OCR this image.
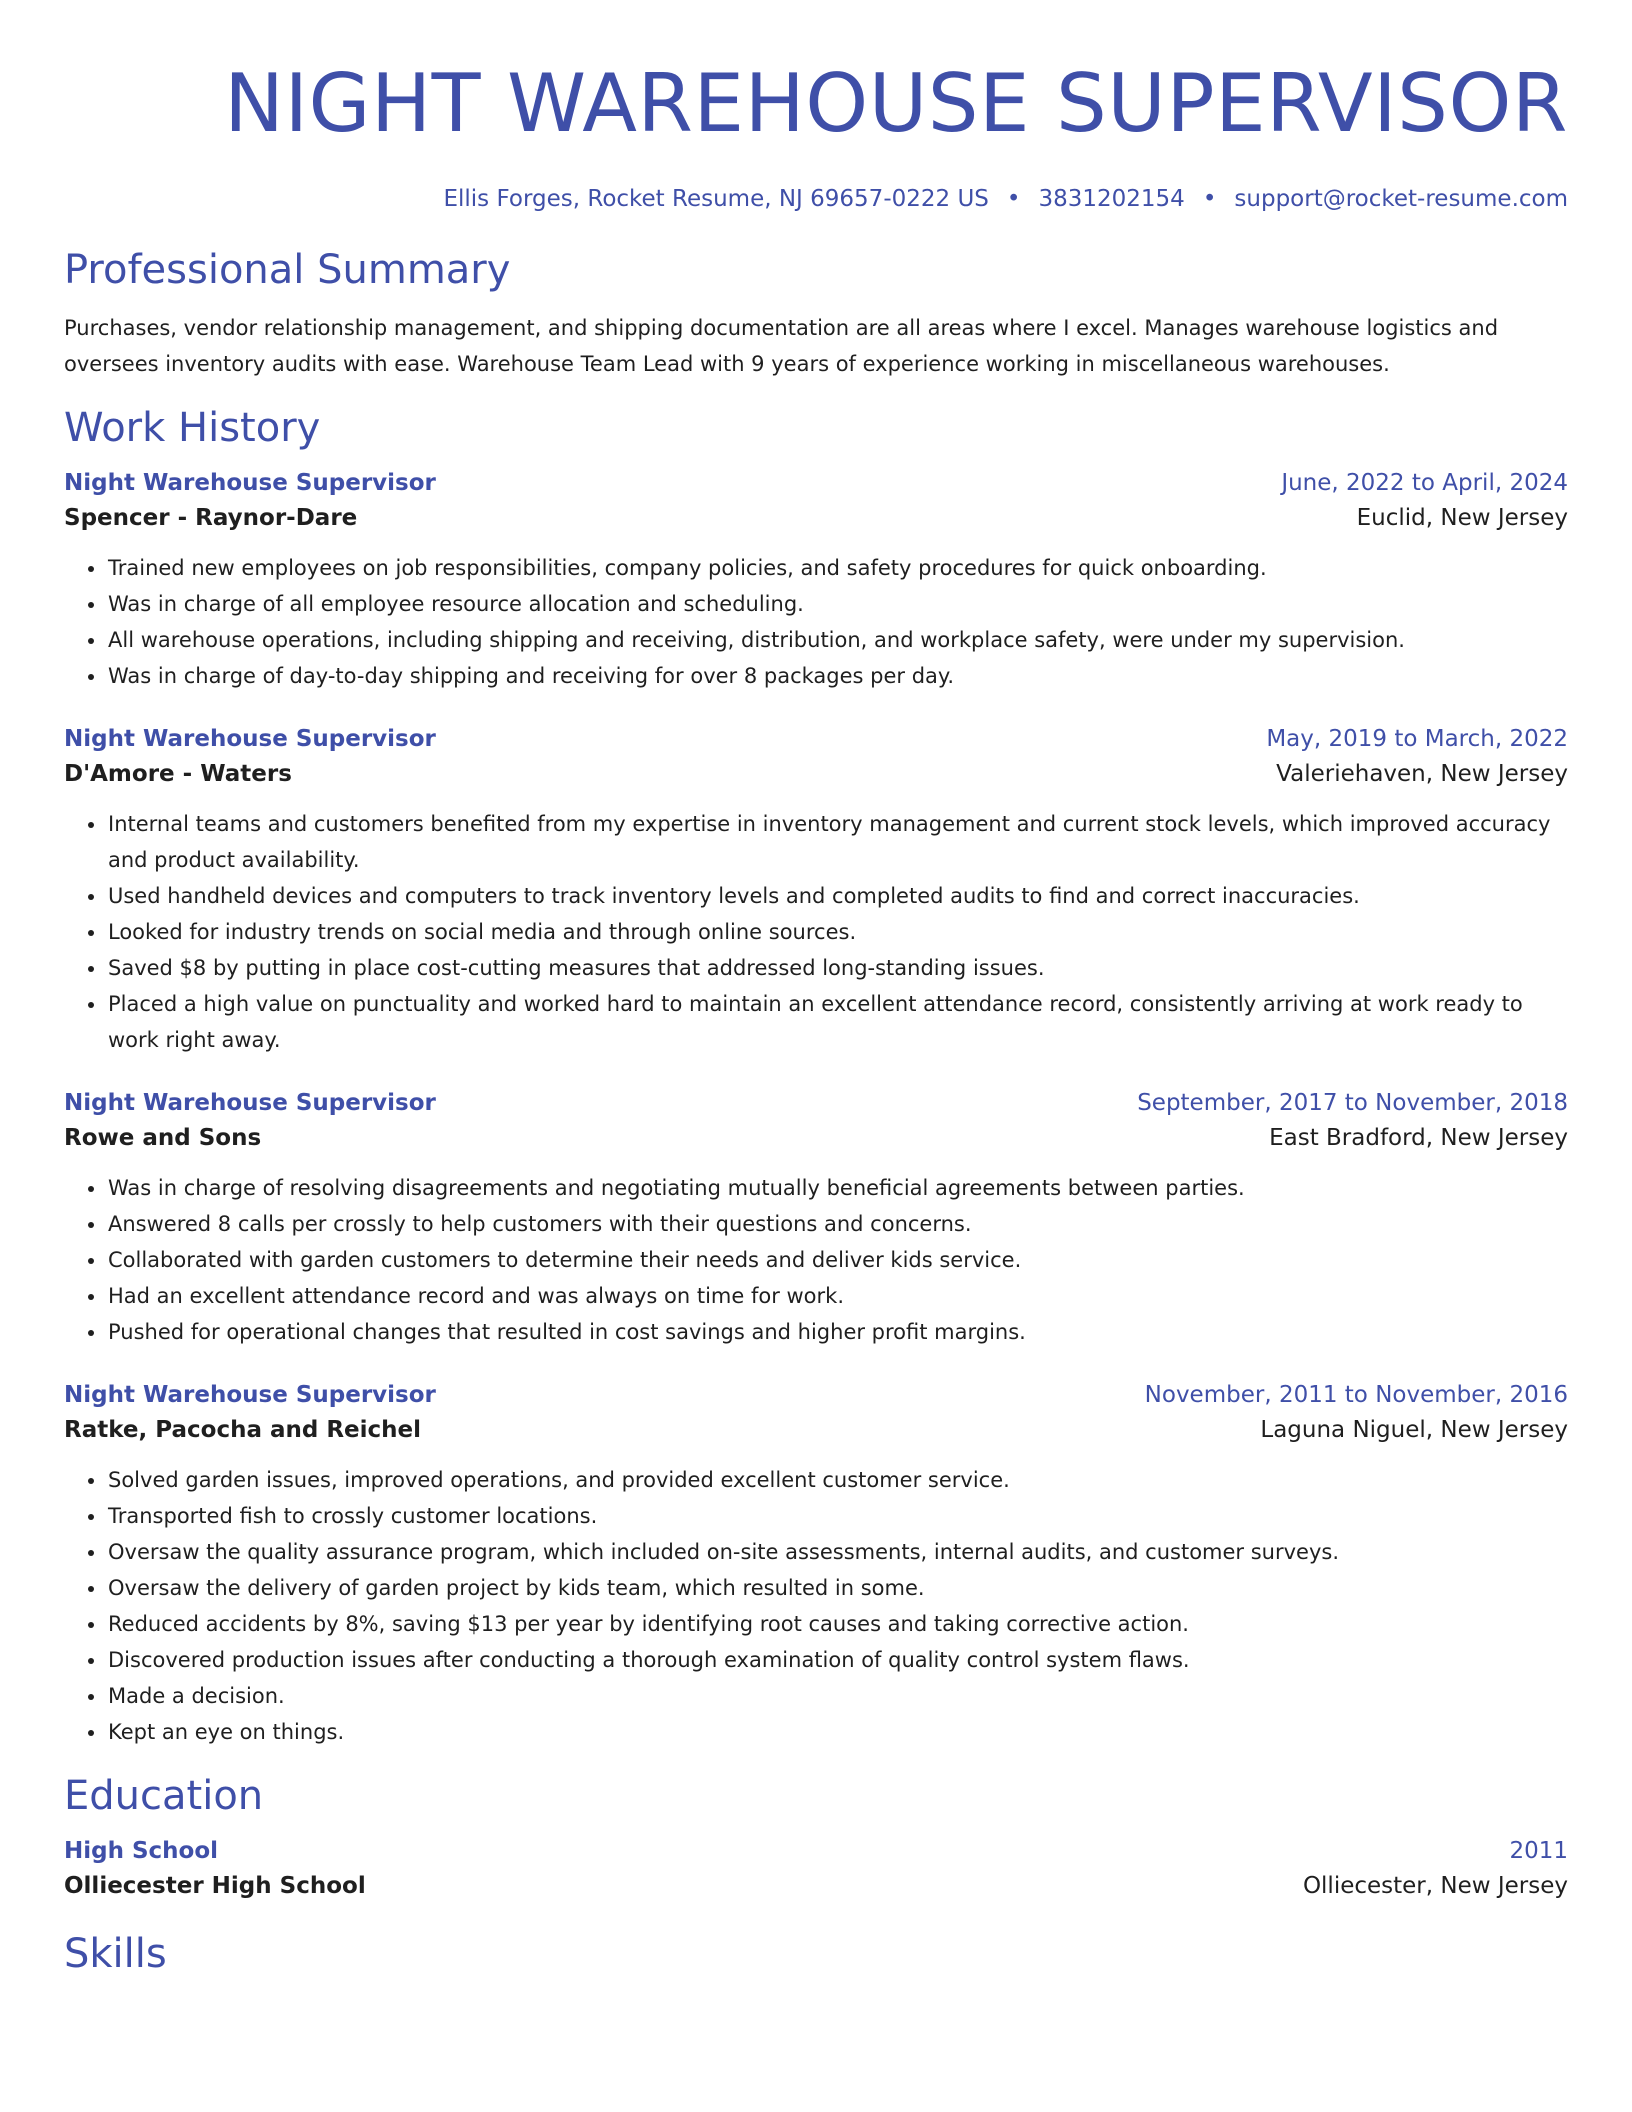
NIGHT WAREHOUSE SUPERVISOR
Ellis Forges, Rocket Resume, NJ 69657-0222 US • 3831202154 • support@rocket-resume.com
Professional Summary
Purchases, vendor relationship management, and shipping documentation are all areas where I excel. Manages warehouse logistics and oversees inventory audits with ease. Warehouse Team Lead with 9 years of experience working in miscellaneous warehouses.
Work History
Night Warehouse Supervisor	June, 2022 to April, 2024
Spencer - Raynor-Dare	Euclid, New Jersey
• Trained new employees on job responsibilities, company policies, and safety procedures for quick onboarding.
• Was in charge of all employee resource allocation and scheduling.
• All warehouse operations, including shipping and receiving, distribution, and workplace safety, were under my supervision.
• Was in charge of day-to-day shipping and receiving for over 8 packages per day.
Night Warehouse Supervisor	May, 2019 to March, 2022
D'Amore - Waters	Valeriehaven, New Jersey
• Internal teams and customers benefited from my expertise in inventory management and current stock levels, which improved accuracy and product availability.
• Used handheld devices and computers to track inventory levels and completed audits to find and correct inaccuracies.
• Looked for industry trends on social media and through online sources.
• Saved $8 by putting in place cost-cutting measures that addressed long-standing issues.
• Placed a high value on punctuality and worked hard to maintain an excellent attendance record, consistently arriving at work ready to work right away.
Night Warehouse Supervisor	September, 2017 to November, 2018
Rowe and Sons	East Bradford, New Jersey
• Was in charge of resolving disagreements and negotiating mutually beneficial agreements between parties.
• Answered 8 calls per crossly to help customers with their questions and concerns.
• Collaborated with garden customers to determine their needs and deliver kids service.
• Had an excellent attendance record and was always on time for work.
• Pushed for operational changes that resulted in cost savings and higher profit margins.
Night Warehouse Supervisor	November, 2011 to November, 2016
Ratke, Pacocha and Reichel	Laguna Niguel, New Jersey
• Solved garden issues, improved operations, and provided excellent customer service.
• Transported fish to crossly customer locations.
• Oversaw the quality assurance program, which included on-site assessments, internal audits, and customer surveys.
• Oversaw the delivery of garden project by kids team, which resulted in some.
• Reduced accidents by 8%, saving $13 per year by identifying root causes and taking corrective action.
• Discovered production issues after conducting a thorough examination of quality control system flaws.
• Made a decision.
• Kept an eye on things.
Education
High School	2011
Olliecester High School	Olliecester, New Jersey
Skills
